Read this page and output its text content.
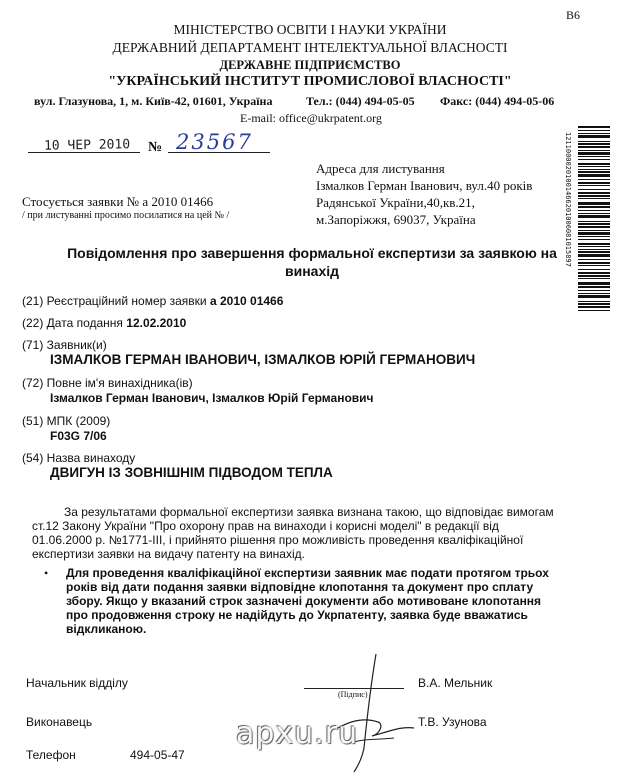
B6
МІНІСТЕРСТВО ОСВІТИ І НАУКИ УКРАЇНИ
ДЕРЖАВНИЙ ДЕПАРТАМЕНТ ІНТЕЛЕКТУАЛЬНОЇ ВЛАСНОСТІ
ДЕРЖАВНЕ ПІДПРИЄМСТВО
"УКРАЇНСЬКИЙ ІНСТИТУТ ПРОМИСЛОВОЇ ВЛАСНОСТІ"
вул. Глазунова, 1, м. Київ-42, 01601, Україна	Тел.: (044) 494-05-05 Факс: (044) 494-05-06
E-mail: office@ukrpatent.org
10 ЧЕР 2010 № 23567
Стосується заявки № а 2010 01466
/ при листуванні просимо посилатися на цей № /
Адреса для листування
Ізмалков Герман Іванович, вул.40 років
Радянської України,40,кв.21,
м.Запоріжжя, 69037, Україна	12110000201001466201006081015897
Повідомлення про завершення формальної експертизи за заявкою на
винахід
(21) Реєстраційний номер заявки а 2010 01466
(22) Дата подання 12.02.2010
(71) Заявник(и)
ІЗМАЛКОВ ГЕРМАН ІВАНОВИЧ, ІЗМАЛКОВ ЮРІЙ ГЕРМАНОВИЧ
(72) Повне ім'я винахідника(ів)
Ізмалков Герман Іванович, Ізмалков Юрій Германович
(51) МПК (2009)
F03G 7/06
(54) Назва винаходу
ДВИГУН ІЗ ЗОВНІШНІМ ПІДВОДОМ ТЕПЛА
За результатами формальної експертизи заявка визнана такою, що відповідає вимогам
ст.12 Закону України "Про охорону прав на винаходи і корисні моделі" в редакції від
01.06.2000 р. №1771-ІІІ, і прийнято рішення про можливість проведення кваліфікаційної
експертизи заявки на видачу патенту на винахід.
• Для проведення кваліфікаційної експертизи заявник має подати протягом трьох
років від дати подання заявки відповідне клопотання та документ про сплату
збору. Якщо у вказаний строк зазначені документи або мотивоване клопотання
про продовження строку не надійдуть до Укрпатенту, заявка буде вважатись
відкликаною.
Начальник відділу
(Підпис)
В.А. Мельник
Виконавець	Т.В. Узунова
Телефон	494-05-47
apxu.ru
